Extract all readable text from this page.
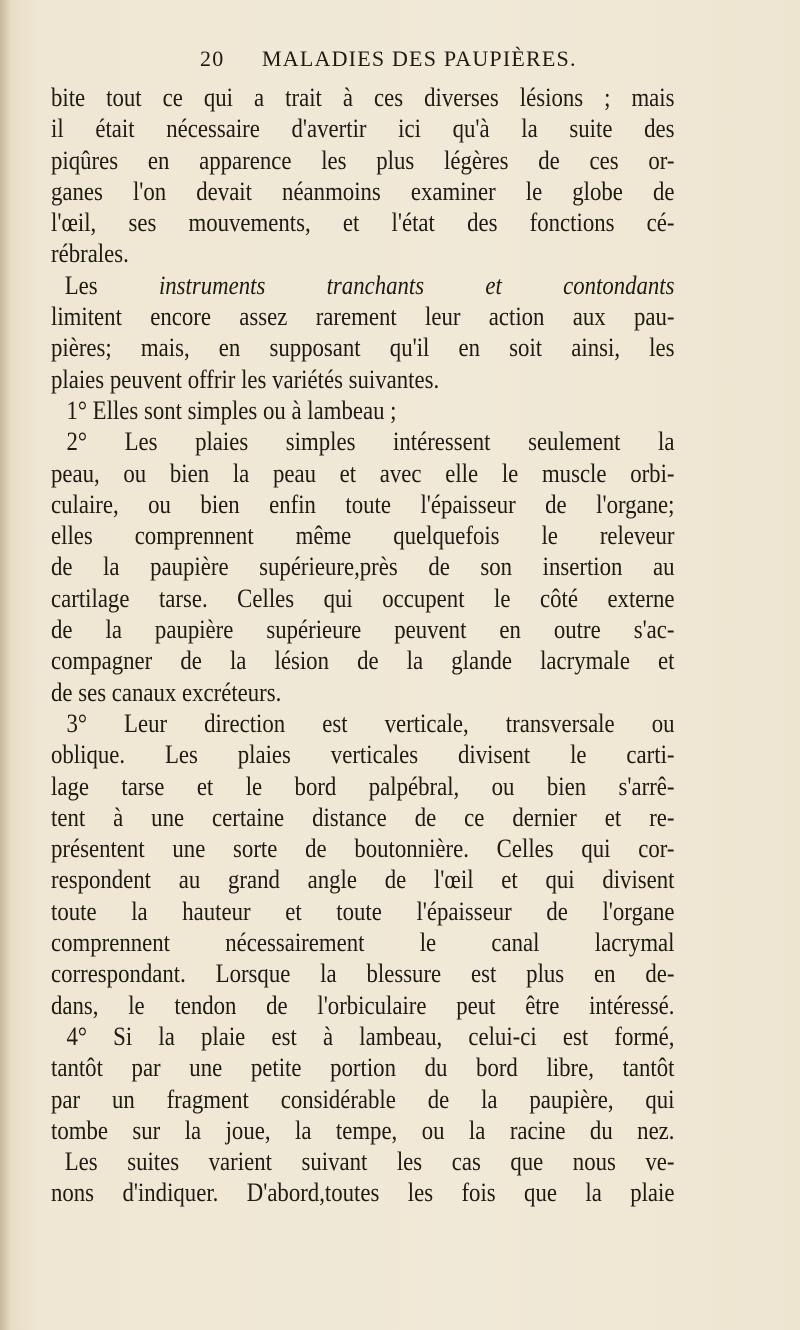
20 MALADIES DES PAUPIÈRES.
bite tout ce qui a trait à ces diverses lésions ; mais
il était nécessaire d'avertir ici qu'à la suite des
piqûres en apparence les plus légères de ces or-
ganes l'on devait néanmoins examiner le globe de
l'œil, ses mouvements, et l'état des fonctions cé-
rébrales.
Les instruments tranchants et contondants
limitent encore assez rarement leur action aux pau-
pières; mais, en supposant qu'il en soit ainsi, les
plaies peuvent offrir les variétés suivantes.
1° Elles sont simples ou à lambeau ;
2° Les plaies simples intéressent seulement la
peau, ou bien la peau et avec elle le muscle orbi-
culaire, ou bien enfin toute l'épaisseur de l'organe;
elles comprennent même quelquefois le releveur
de la paupière supérieure,près de son insertion au
cartilage tarse. Celles qui occupent le côté externe
de la paupière supérieure peuvent en outre s'ac-
compagner de la lésion de la glande lacrymale et
de ses canaux excréteurs.
3° Leur direction est verticale, transversale ou
oblique. Les plaies verticales divisent le carti-
lage tarse et le bord palpébral, ou bien s'arrê-
tent à une certaine distance de ce dernier et re-
présentent une sorte de boutonnière. Celles qui cor-
respondent au grand angle de l'œil et qui divisent
toute la hauteur et toute l'épaisseur de l'organe
comprennent nécessairement le canal lacrymal
correspondant. Lorsque la blessure est plus en de-
dans, le tendon de l'orbiculaire peut être intéressé.
4° Si la plaie est à lambeau, celui-ci est formé,
tantôt par une petite portion du bord libre, tantôt
par un fragment considérable de la paupière, qui
tombe sur la joue, la tempe, ou la racine du nez.
Les suites varient suivant les cas que nous ve-
nons d'indiquer. D'abord,toutes les fois que la plaie
